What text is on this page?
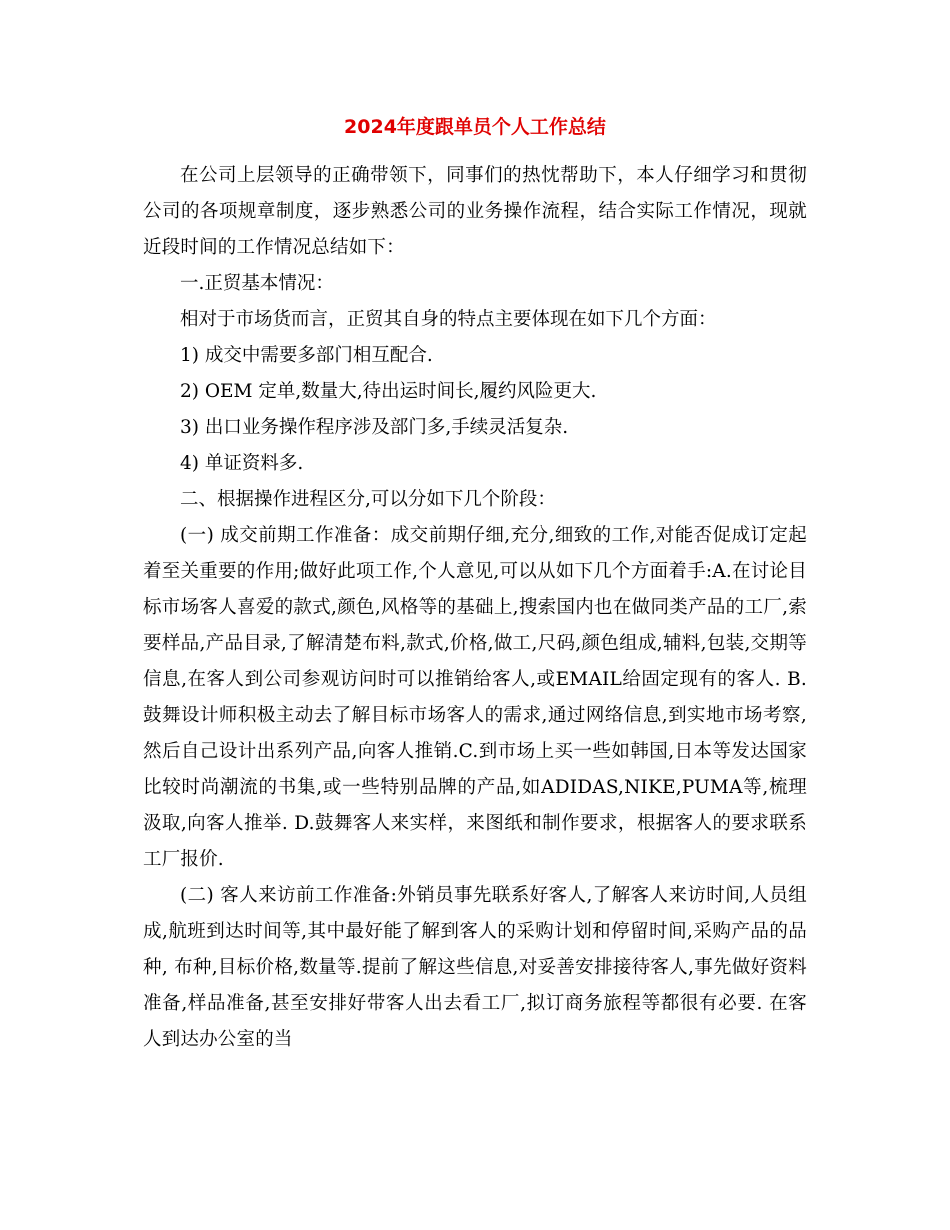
2024年度跟单员个人工作总结

在公司上层领导的正确带领下，同事们的热忱帮助下，本人仔细学习和贯彻公司的各项规章制度，逐步熟悉公司的业务操作流程，结合实际工作情况，现就近段时间的工作情况总结如下：

一.正贸基本情况：

相对于市场货而言，正贸其自身的特点主要体现在如下几个方面：

1) 成交中需要多部门相互配合.

2) OEM 定单,数量大,待出运时间长,履约风险更大.

3) 出口业务操作程序涉及部门多,手续灵活复杂.

4) 单证资料多.

二、根据操作进程区分,可以分如下几个阶段：

(一) 成交前期工作准备：成交前期仔细,充分,细致的工作,对能否促成订定起着至关重要的作用;做好此项工作,个人意见,可以从如下几个方面着手:A.在讨论目标市场客人喜爱的款式,颜色,风格等的基础上,搜索国内也在做同类产品的工厂,索要样品,产品目录,了解清楚布料,款式,价格,做工,尺码,颜色组成,辅料,包装,交期等信息,在客人到公司参观访问时可以推销给客人,或EMAIL给固定现有的客人. B. 鼓舞设计师积极主动去了解目标市场客人的需求,通过网络信息,到实地市场考察,然后自己设计出系列产品,向客人推销.C.到市场上买一些如韩国,日本等发达国家比较时尚潮流的书集,或一些特别品牌的产品,如ADIDAS,NIKE,PUMA等,梳理汲取,向客人推举. D.鼓舞客人来实样，来图纸和制作要求，根据客人的要求联系工厂报价.

(二) 客人来访前工作准备:外销员事先联系好客人,了解客人来访时间,人员组成,航班到达时间等,其中最好能了解到客人的采购计划和停留时间,采购产品的品种, 布种,目标价格,数量等.提前了解这些信息,对妥善安排接待客人,事先做好资料准备,样品准备,甚至安排好带客人出去看工厂,拟订商务旅程等都很有必要. 在客人到达办公室的当
